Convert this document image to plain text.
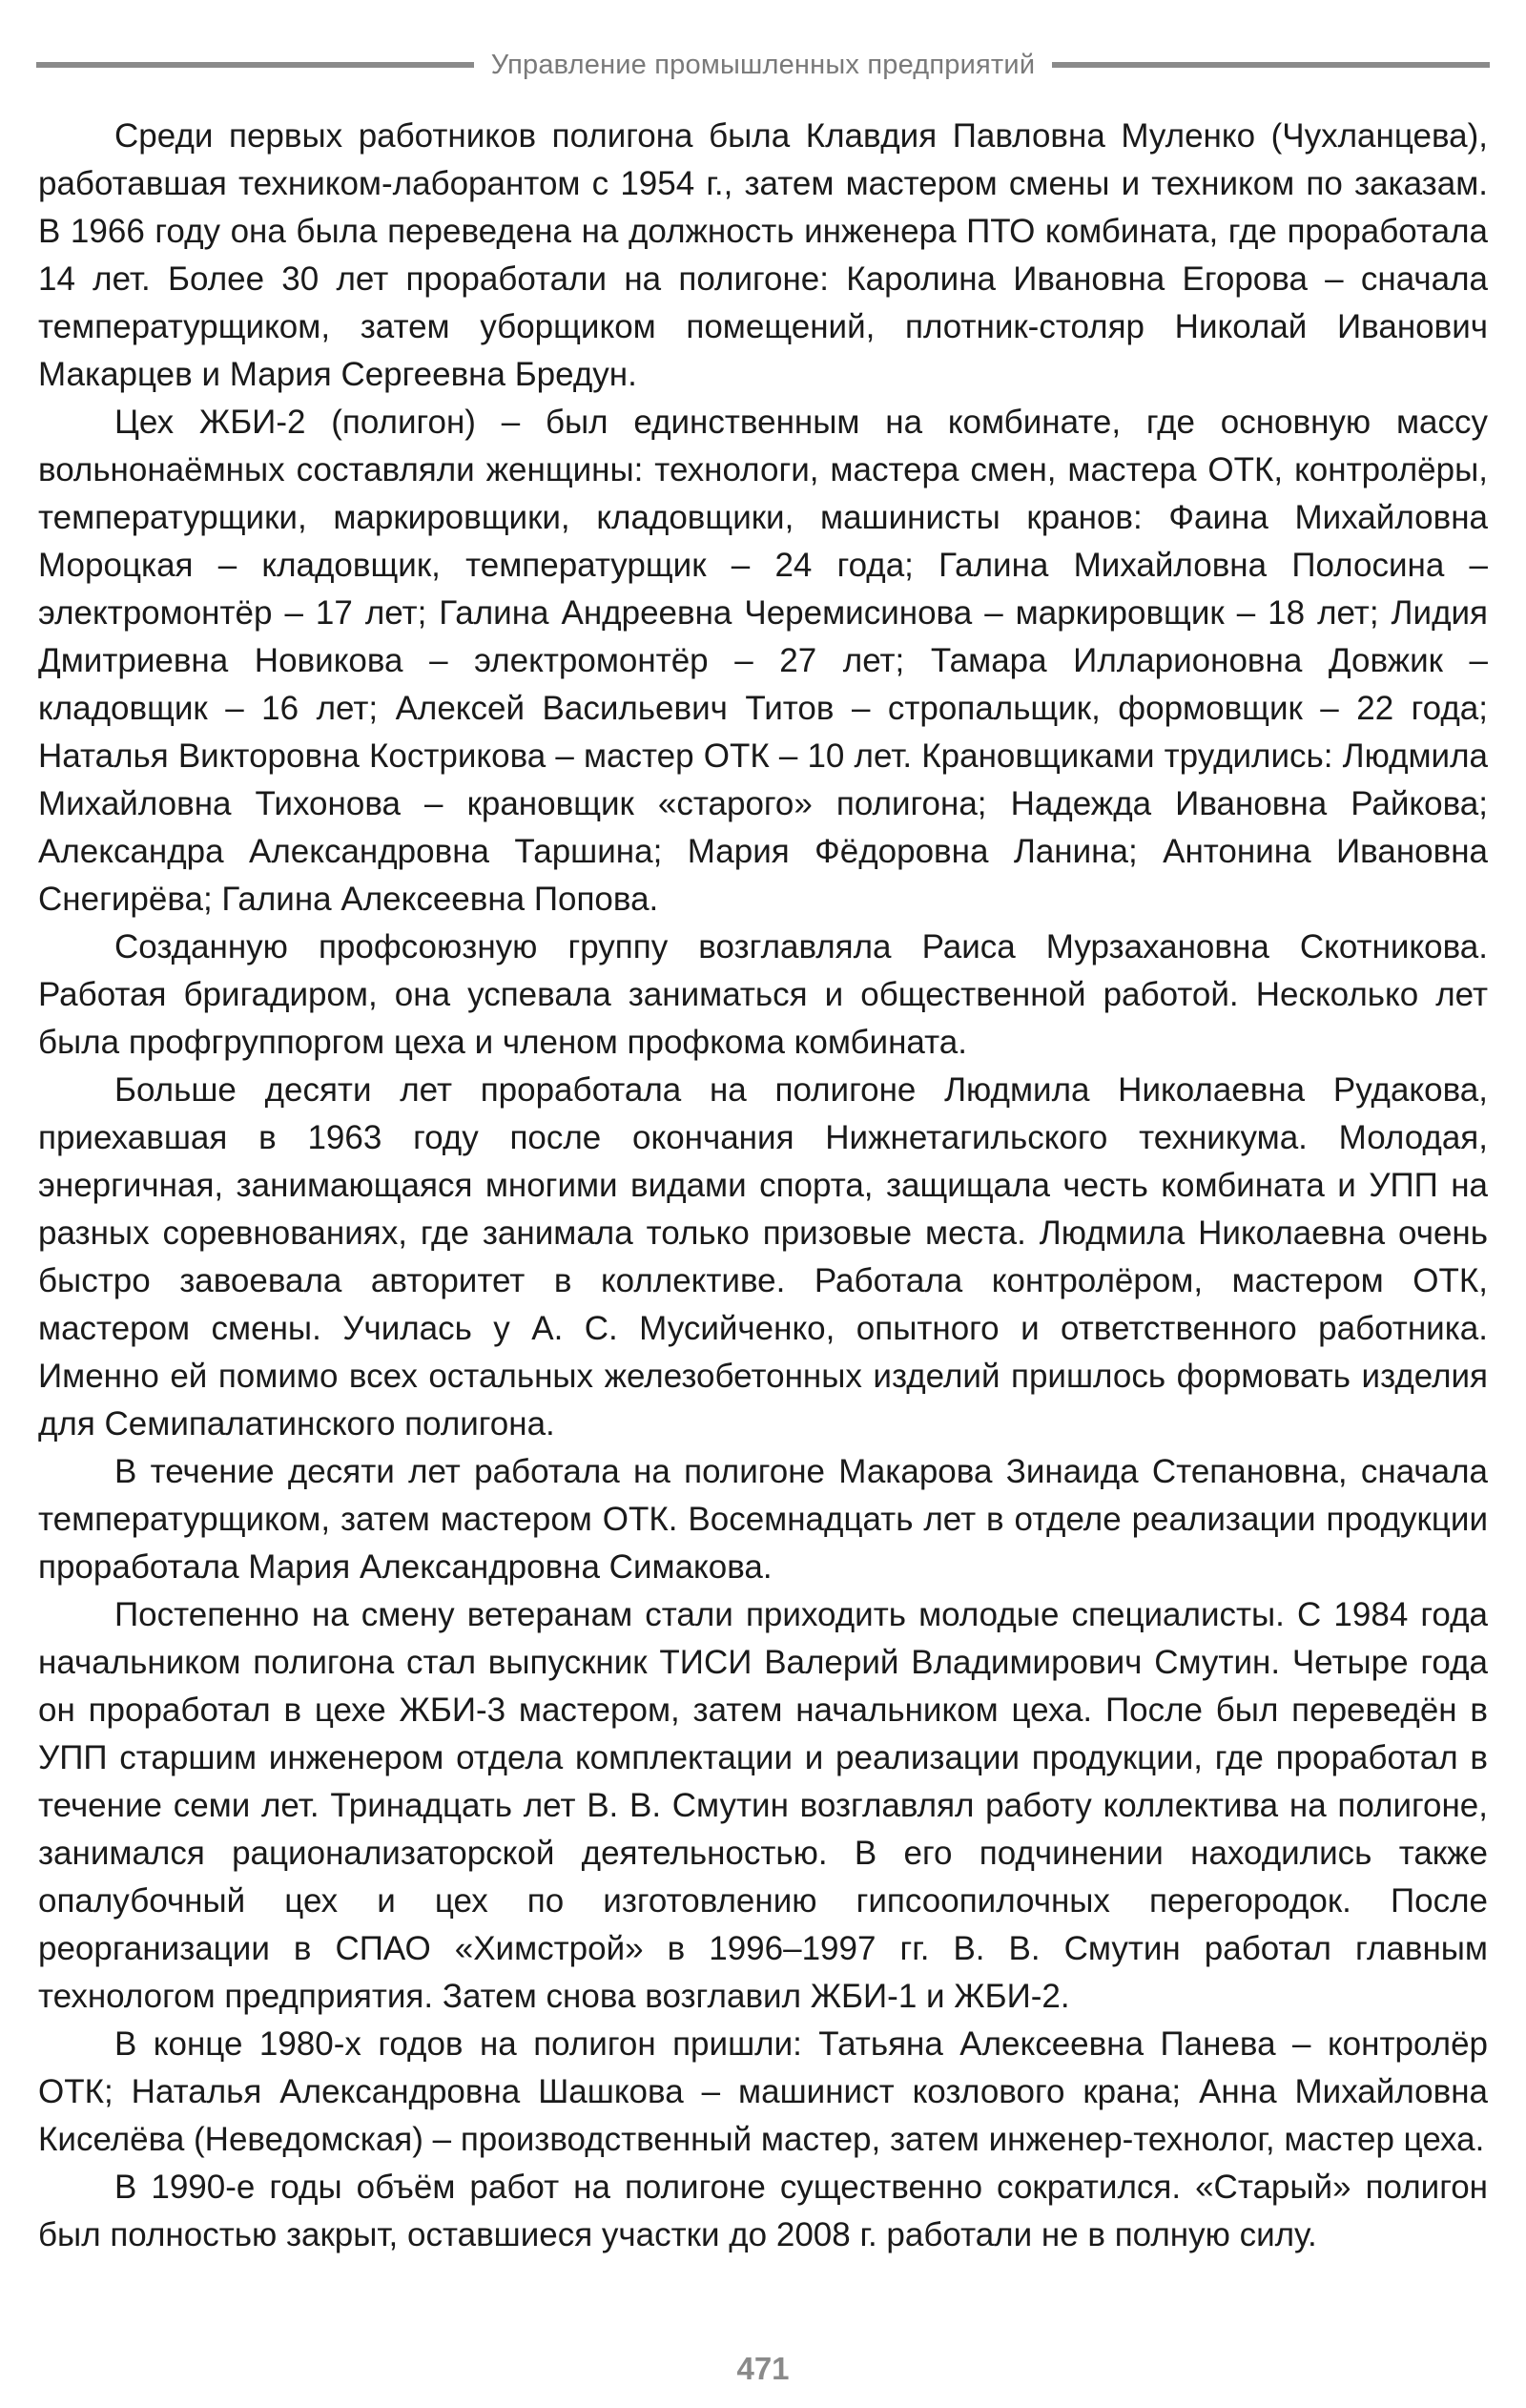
Управление промышленных предприятий

Среди первых работников полигона была Клавдия Павловна Муленко (Чухланцева), работавшая техником-лаборантом с 1954 г., затем мастером смены и техником по заказам. В 1966 году она была переведена на должность инженера ПТО комбината, где проработала 14 лет. Более 30 лет проработали на полигоне: Каролина Ивановна Егорова – сначала температурщиком, затем уборщиком помещений, плотник-столяр Николай Иванович Макарцев и Мария Сергеевна Бредун.

Цех ЖБИ-2 (полигон) – был единственным на комбинате, где основную массу вольнонаёмных составляли женщины: технологи, мастера смен, мастера ОТК, контролёры, температурщики, маркировщики, кладовщики, машинисты кранов: Фаина Михайловна Мороцкая – кладовщик, температурщик – 24 года; Галина Михайловна Полосина – электромонтёр – 17 лет; Галина Андреевна Черемисинова – маркировщик – 18 лет; Лидия Дмитриевна Новикова – электромонтёр – 27 лет; Тамара Илларионовна Довжик – кладовщик – 16 лет; Алексей Васильевич Титов – стропальщик, формовщик – 22 года; Наталья Викторовна Кострикова – мастер ОТК – 10 лет. Крановщиками трудились: Людмила Михайловна Тихонова – крановщик «старого» полигона; Надежда Ивановна Райкова; Александра Александровна Таршина; Мария Фёдоровна Ланина; Антонина Ивановна Снегирёва; Галина Алексеевна Попова.

Созданную профсоюзную группу возглавляла Раиса Мурзахановна Скотникова. Работая бригадиром, она успевала заниматься и общественной работой. Несколько лет была профгруппоргом цеха и членом профкома комбината.

Больше десяти лет проработала на полигоне Людмила Николаевна Рудакова, приехавшая в 1963 году после окончания Нижнетагильского техникума. Молодая, энергичная, занимающаяся многими видами спорта, защищала честь комбината и УПП на разных соревнованиях, где занимала только призовые места. Людмила Николаевна очень быстро завоевала авторитет в коллективе. Работала контролёром, мастером ОТК, мастером смены. Училась у А. С. Мусийченко, опытного и ответственного работника. Именно ей помимо всех остальных железобетонных изделий пришлось формовать изделия для Семипалатинского полигона.

В течение десяти лет работала на полигоне Макарова Зинаида Степановна, сначала температурщиком, затем мастером ОТК. Восемнадцать лет в отделе реализации продукции проработала Мария Александровна Симакова.

Постепенно на смену ветеранам стали приходить молодые специалисты. С 1984 года начальником полигона стал выпускник ТИСИ Валерий Владимирович Смутин. Четыре года он проработал в цехе ЖБИ-3 мастером, затем начальником цеха. После был переведён в УПП старшим инженером отдела комплектации и реализации продукции, где проработал в течение семи лет. Тринадцать лет В. В. Смутин возглавлял работу коллектива на полигоне, занимался рационализаторской деятельностью. В его подчинении находились также опалубочный цех и цех по изготовлению гипсоопилочных перегородок. После реорганизации в СПАО «Химстрой» в 1996–1997 гг. В. В. Смутин работал главным технологом предприятия. Затем снова возглавил ЖБИ-1 и ЖБИ-2.

В конце 1980-х годов на полигон пришли: Татьяна Алексеевна Панева – контролёр ОТК; Наталья Александровна Шашкова – машинист козлового крана; Анна Михайловна Киселёва (Неведомская) – производственный мастер, затем инженер-технолог, мастер цеха.

В 1990-е годы объём работ на полигоне существенно сократился. «Старый» полигон был полностью закрыт, оставшиеся участки до 2008 г. работали не в полную силу.

471
